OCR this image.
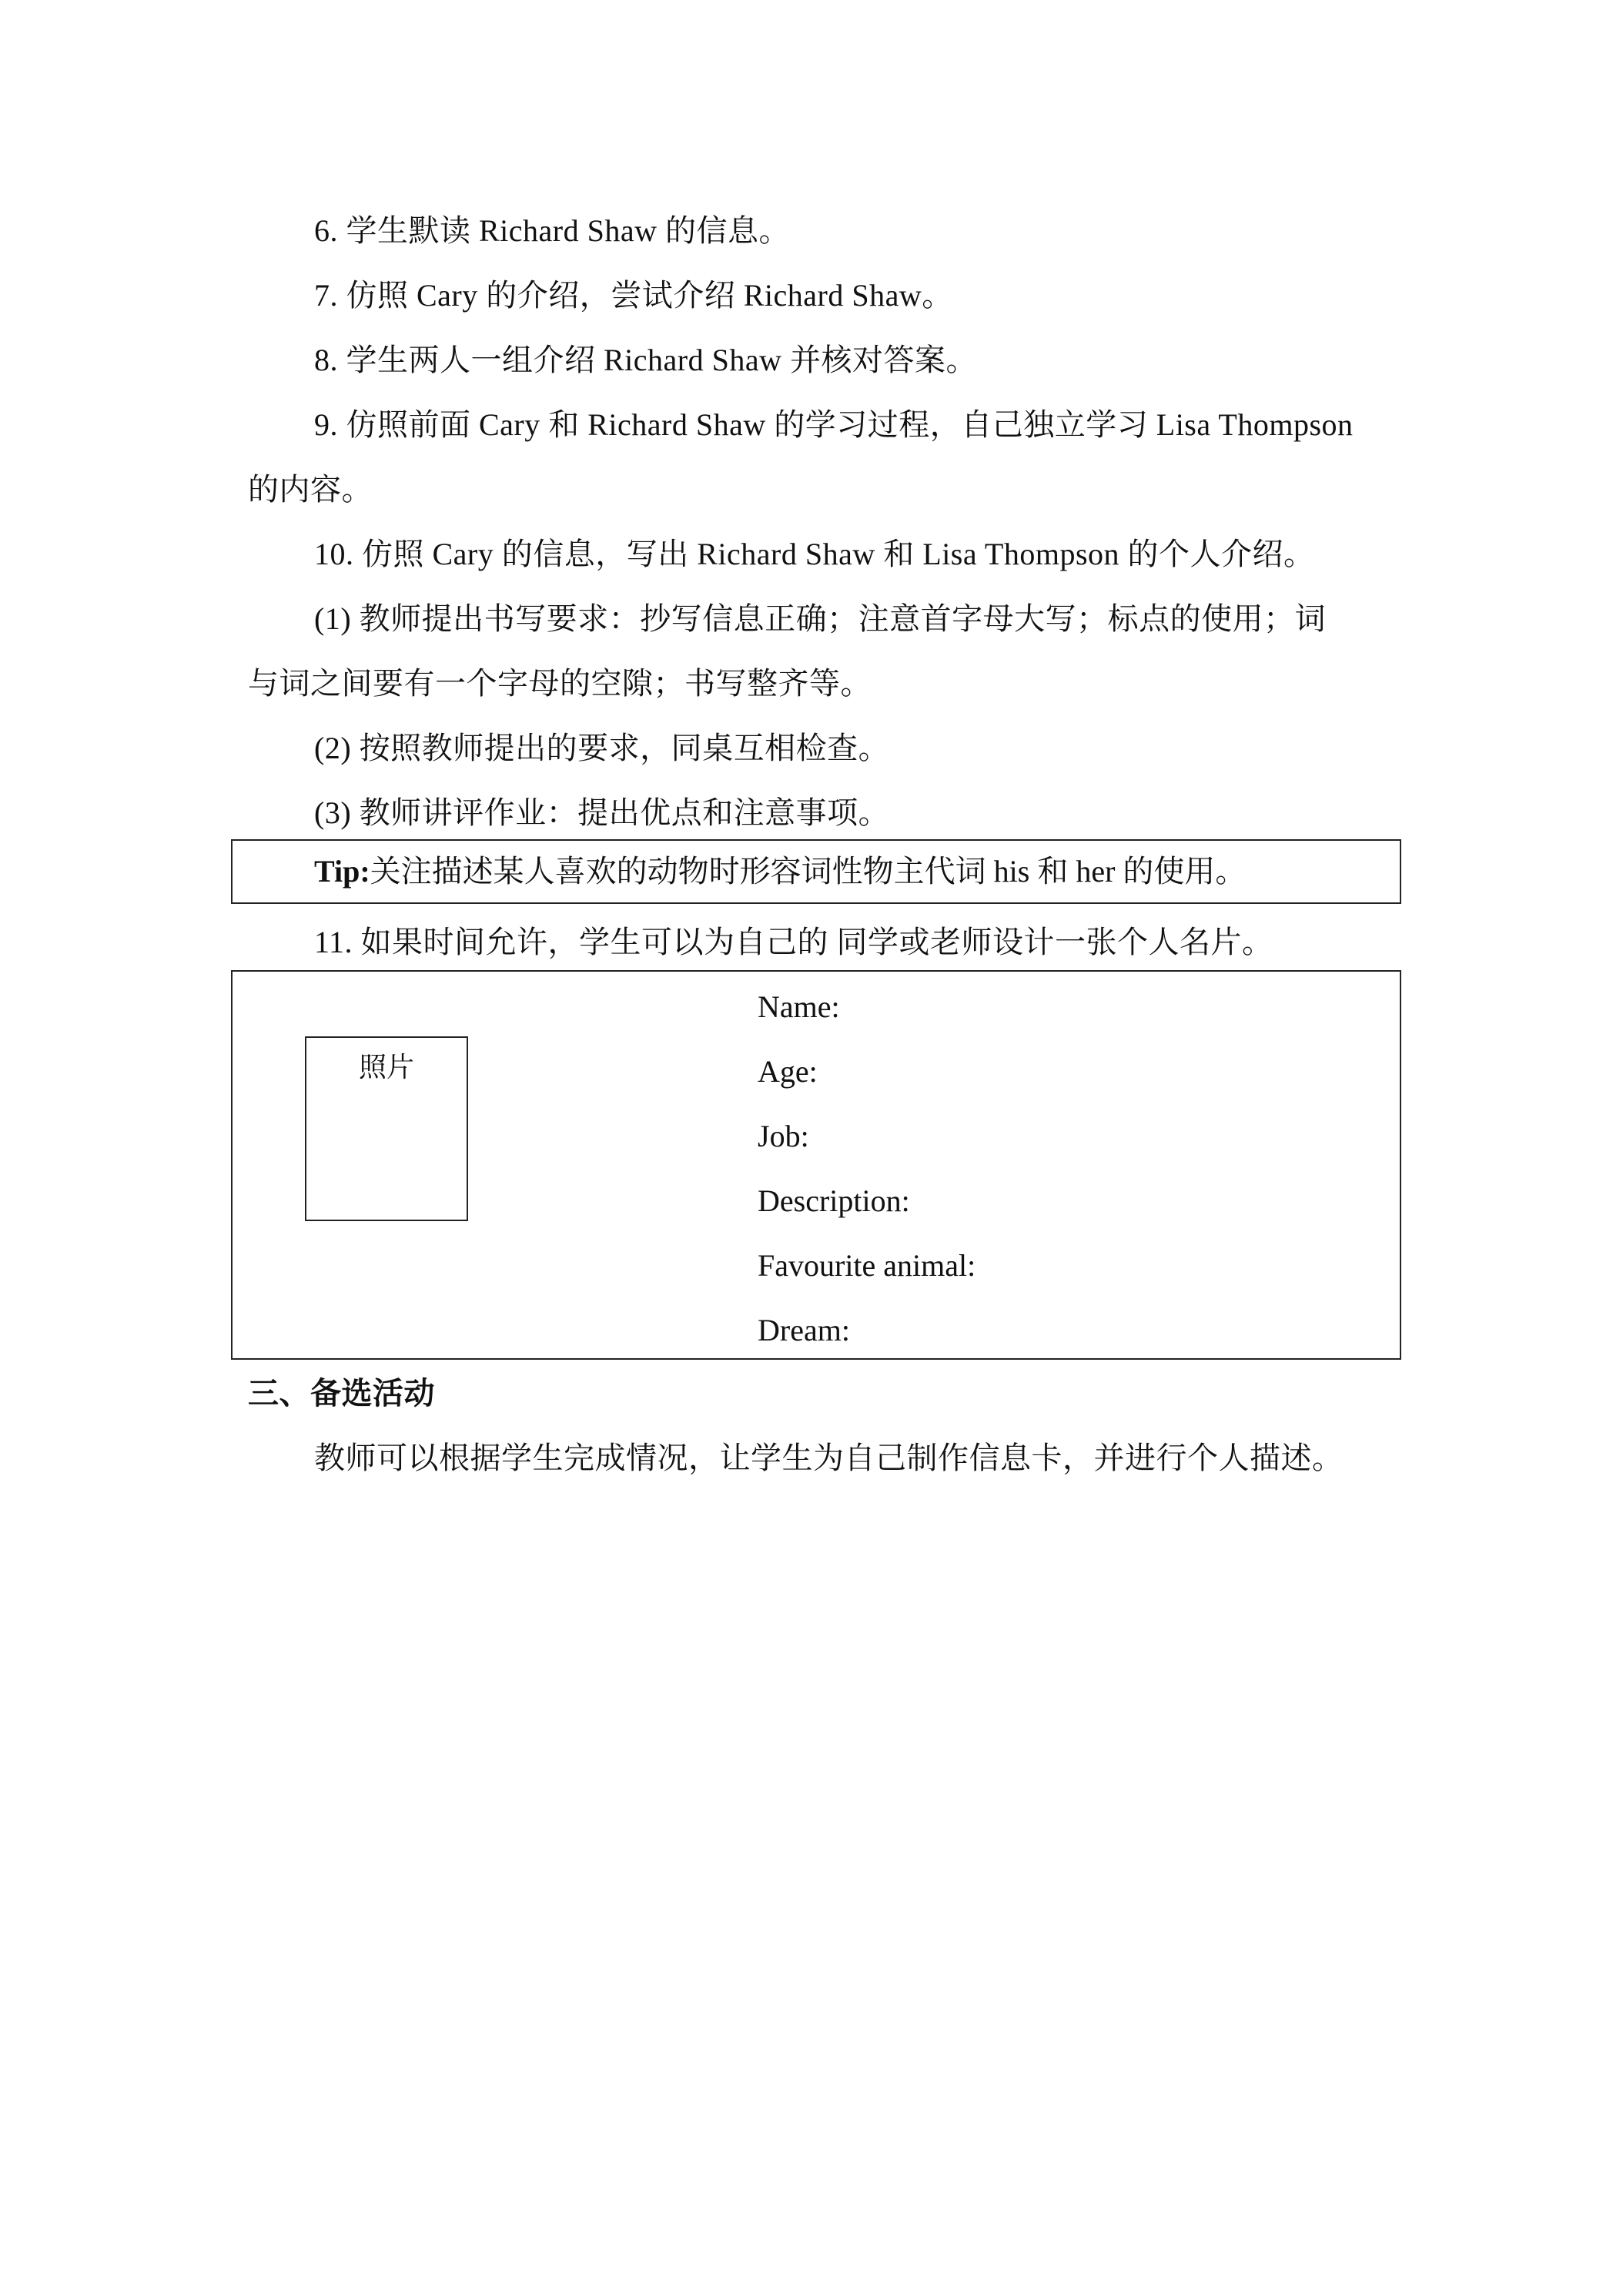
6. 学生默读 Richard Shaw 的信息。
7. 仿照 Cary 的介绍，尝试介绍 Richard Shaw。
8. 学生两人一组介绍 Richard Shaw 并核对答案。
9. 仿照前面 Cary 和 Richard Shaw 的学习过程，自己独立学习 Lisa Thompson
的内容。
10. 仿照 Cary 的信息，写出 Richard Shaw 和 Lisa Thompson 的个人介绍。
(1) 教师提出书写要求：抄写信息正确；注意首字母大写；标点的使用；词
与词之间要有一个字母的空隙；书写整齐等。
(2) 按照教师提出的要求，同桌互相检查。
(3) 教师讲评作业：提出优点和注意事项。
Tip:关注描述某人喜欢的动物时形容词性物主代词 his 和 her 的使用。
11. 如果时间允许，学生可以为自己的 同学或老师设计一张个人名片。
照片
Name:
Age:
Job:
Description:
Favourite animal:
Dream:
三、备选活动
教师可以根据学生完成情况，让学生为自己制作信息卡，并进行个人描述。
